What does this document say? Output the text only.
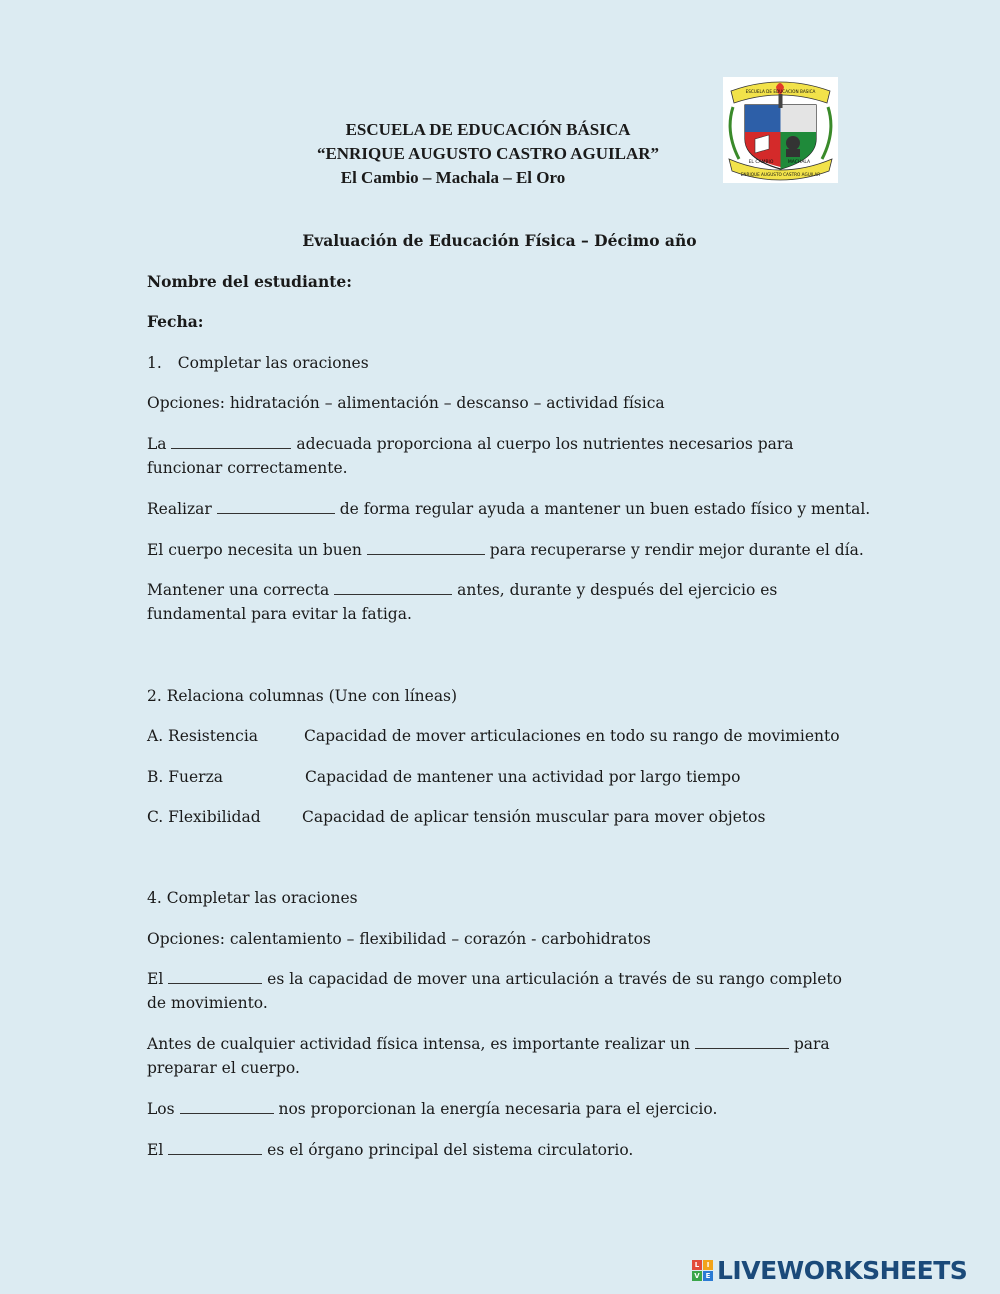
ESCUELA DE EDUCACIÓN BÁSICA
“ENRIQUE AUGUSTO CASTRO AGUILAR”
El Cambio – Machala – El Oro
EL CAMBIO	MACHALA
ESCUELA DE EDUCACION BASICA
ENRIQUE AUGUSTO CASTRO AGUILAR
Evaluación de Educación Física – Décimo año
Nombre del estudiante:
Fecha:
1. Completar las oraciones
Opciones: hidratación – alimentación – descanso – actividad física
La	adecuada proporciona al cuerpo los nutrientes necesarios para funcionar correctamente.
Realizar	de forma regular ayuda a mantener un buen estado físico y mental.
El cuerpo necesita un buen	para recuperarse y rendir mejor durante el día.
Mantener una correcta	antes, durante y después del ejercicio es fundamental para evitar la fatiga.
2. Relaciona columnas (Une con líneas)
A. Resistencia	Capacidad de mover articulaciones en todo su rango de movimiento
B. Fuerza	Capacidad de mantener una actividad por largo tiempo
C. Flexibilidad	Capacidad de aplicar tensión muscular para mover objetos
4. Completar las oraciones
Opciones: calentamiento – flexibilidad – corazón - carbohidratos
El	es la capacidad de mover una articulación a través de su rango completo de movimiento.
Antes de cualquier actividad física intensa, es importante realizar un	para preparar el cuerpo.
Los	nos proporcionan la energía necesaria para el ejercicio.
El	es el órgano principal del sistema circulatorio.
L	I
V E LIVEWORKSHEETS
